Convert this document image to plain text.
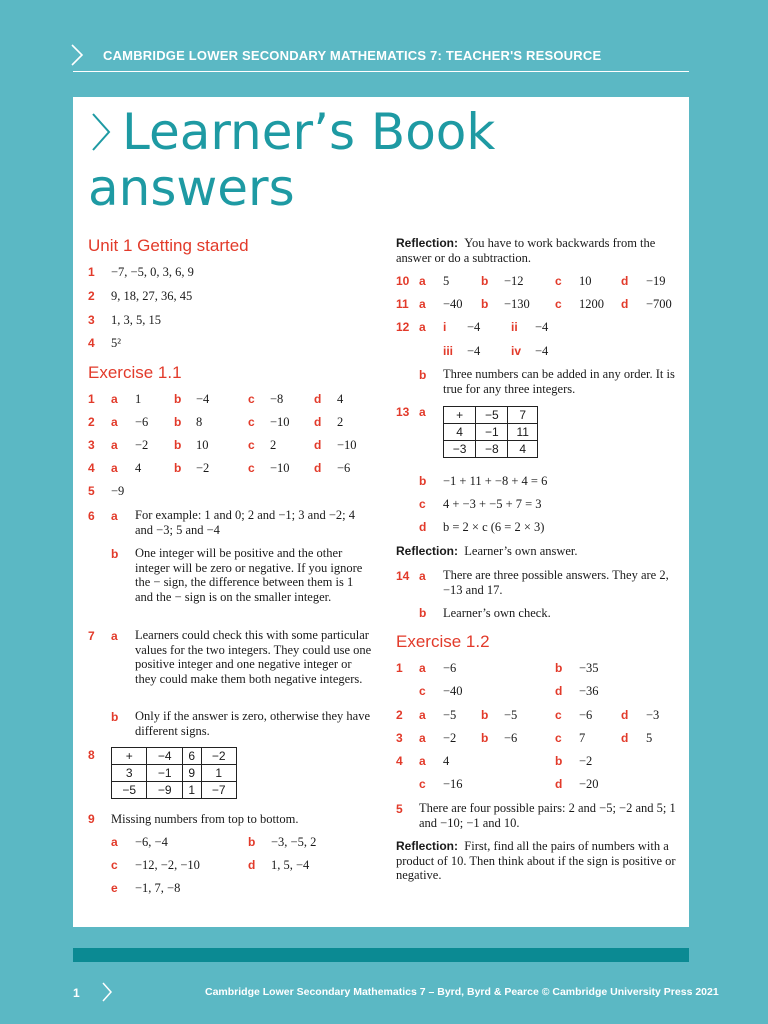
CAMBRIDGE LOWER SECONDARY MATHEMATICS 7: TEACHER'S RESOURCE
Learner’s Book
answers
Unit 1 Getting started
1 −7, −5, 0, 3, 6, 9
2 9, 18, 27, 36, 45
3 1, 3, 5, 15
4 5²
Exercise 1.1
1 a 1	b −4	c −8	d 4
2 a −6 b 8	c −10 d 2
3 a −2 b 10	c 2	d −10
4 a 4	b −2	c −10 d −6
5 −9
6 a For example: 1 and 0; 2 and −1; 3 and −2; 4 and −3; 5 and −4
b One integer will be positive and the other integer will be zero or negative. If you ignore the − sign, the difference between them is 1 and the − sign is on the smaller integer.
7 a Learners could check this with some particular values for the two integers. They could use one positive integer and one negative integer or they could make them both negative integers.
b Only if the answer is zero, otherwise they have different signs.
8	+	−4	6	−2
3	−1	9	1
−5	−9	1	−7
9 Missing numbers from top to bottom.
a −6, −4	b −3, −5, 2
c −12, −2, −10	d 1, 5, −4
e −1, 7, −8
Reflection: You have to work backwards from the answer or do a subtraction.
10 a 5	b −12	c 10 d −19
11 a −40 b −130 c 1200 d −700
12 a i −4	ii −4
iii −4	iv −4
b Three numbers can be added in any order. It is true for any three integers.
13 a	+	−5	7
4	−1	11
−3	−8	4
b −1 + 11 + −8 + 4 = 6
c 4 + −3 + −5 + 7 = 3
d b = 2 × c (6 = 2 × 3)
Reflection: Learner’s own answer.
14 a There are three possible answers. They are 2, −13 and 17.
b Learner’s own check.
Exercise 1.2
1 a −6	b −35
c −40	d −36
2 a −5 b −5	c −6 d −3
3 a −2 b −6	c 7	d 5
4 a 4	b −2
c −16	d −20
5 There are four possible pairs: 2 and −5; −2 and 5; 1 and −10; −1 and 10.
Reflection: First, find all the pairs of numbers with a product of 10. Then think about if the sign is positive or negative.
1	Cambridge Lower Secondary Mathematics 7 – Byrd, Byrd & Pearce © Cambridge University Press 2021
